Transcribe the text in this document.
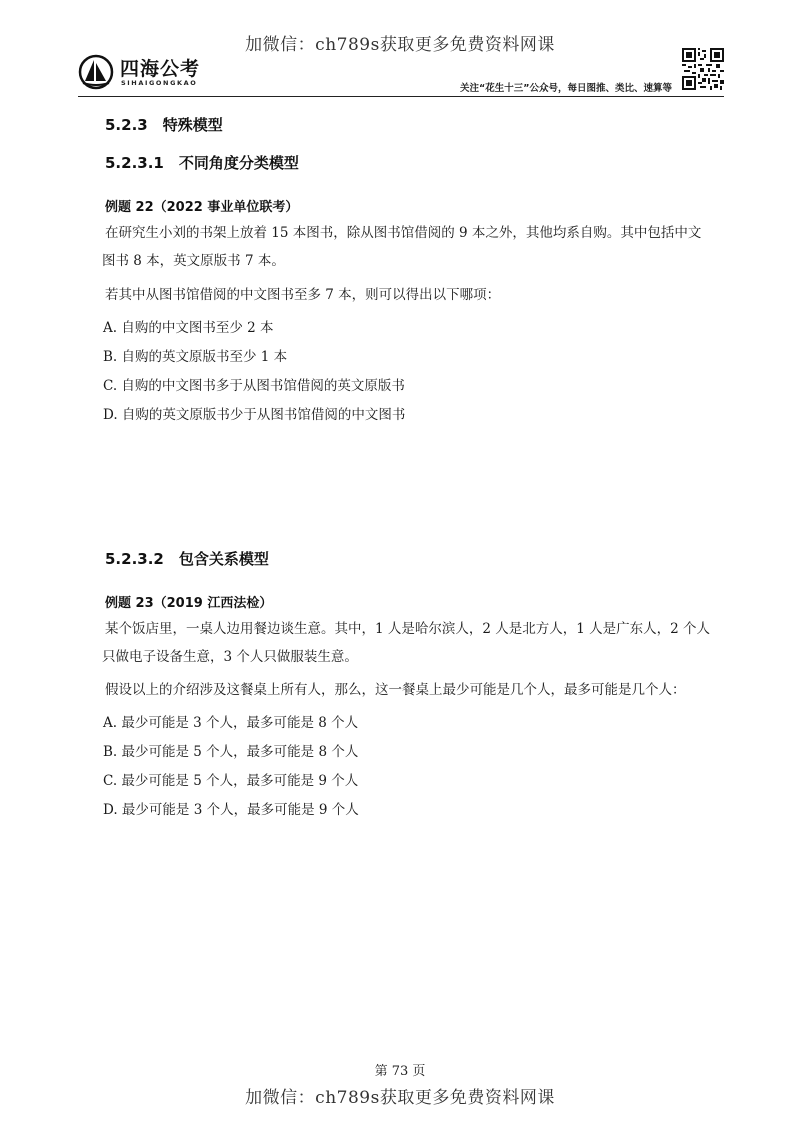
加微信：ch789s获取更多免费资料网课
四海公考
SIHAIGONGKAO	关注“花生十三”公众号，每日图推、类比、速算等
5.2.3　特殊模型
5.2.3.1　不同角度分类模型
例题 22（2022 事业单位联考）
在研究生小刘的书架上放着 15 本图书，除从图书馆借阅的 9 本之外，其他均系自购。其中包括中文
图书 8 本，英文原版书 7 本。
若其中从图书馆借阅的中文图书至多 7 本，则可以得出以下哪项：
A. 自购的中文图书至少 2 本
B. 自购的英文原版书至少 1 本
C. 自购的中文图书多于从图书馆借阅的英文原版书
D. 自购的英文原版书少于从图书馆借阅的中文图书
5.2.3.2　包含关系模型
例题 23（2019 江西法检）
某个饭店里，一桌人边用餐边谈生意。其中，1 人是哈尔滨人，2 人是北方人，1 人是广东人，2 个人
只做电子设备生意，3 个人只做服装生意。
假设以上的介绍涉及这餐桌上所有人，那么，这一餐桌上最少可能是几个人，最多可能是几个人：
A. 最少可能是 3 个人，最多可能是 8 个人
B. 最少可能是 5 个人，最多可能是 8 个人
C. 最少可能是 5 个人，最多可能是 9 个人
D. 最少可能是 3 个人，最多可能是 9 个人
第 73 页
加微信：ch789s获取更多免费资料网课
